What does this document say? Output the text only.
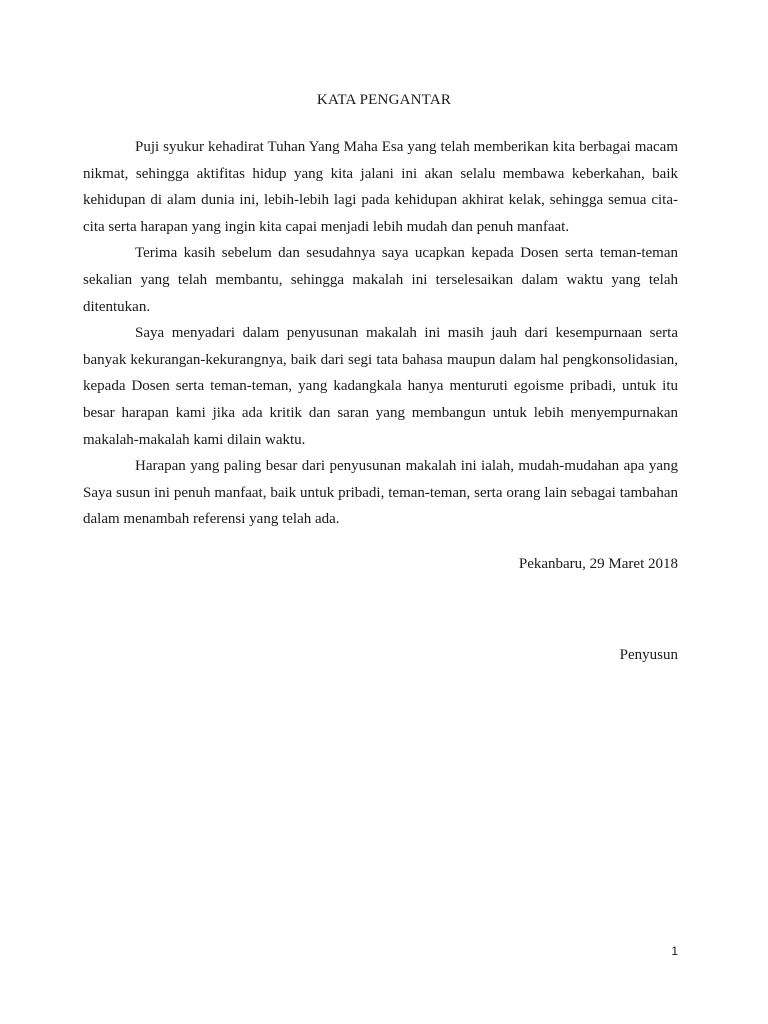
KATA PENGANTAR

Puji syukur kehadirat Tuhan Yang Maha Esa yang telah memberikan kita berbagai macam nikmat, sehingga aktifitas hidup yang kita jalani ini akan selalu membawa keberkahan, baik kehidupan di alam dunia ini, lebih-lebih lagi pada kehidupan akhirat kelak, sehingga semua cita-cita serta harapan yang ingin kita capai menjadi lebih mudah dan penuh manfaat.

Terima kasih sebelum dan sesudahnya saya ucapkan kepada Dosen serta teman-teman sekalian yang telah membantu, sehingga makalah ini terselesaikan dalam waktu yang telah ditentukan.

Saya menyadari dalam penyusunan makalah ini masih jauh dari kesempurnaan serta banyak kekurangan-kekurangnya, baik dari segi tata bahasa maupun dalam hal pengkonsolidasian, kepada Dosen serta teman-teman, yang kadangkala hanya menturuti egoisme pribadi, untuk itu besar harapan kami jika ada kritik dan saran yang membangun untuk lebih menyempurnakan makalah-makalah kami dilain waktu.

Harapan yang paling besar dari penyusunan makalah ini ialah, mudah-mudahan apa yang Saya susun ini penuh manfaat, baik untuk pribadi, teman-teman, serta orang lain sebagai tambahan dalam menambah referensi yang telah ada.

Pekanbaru, 29 Maret 2018
Penyusun
1
